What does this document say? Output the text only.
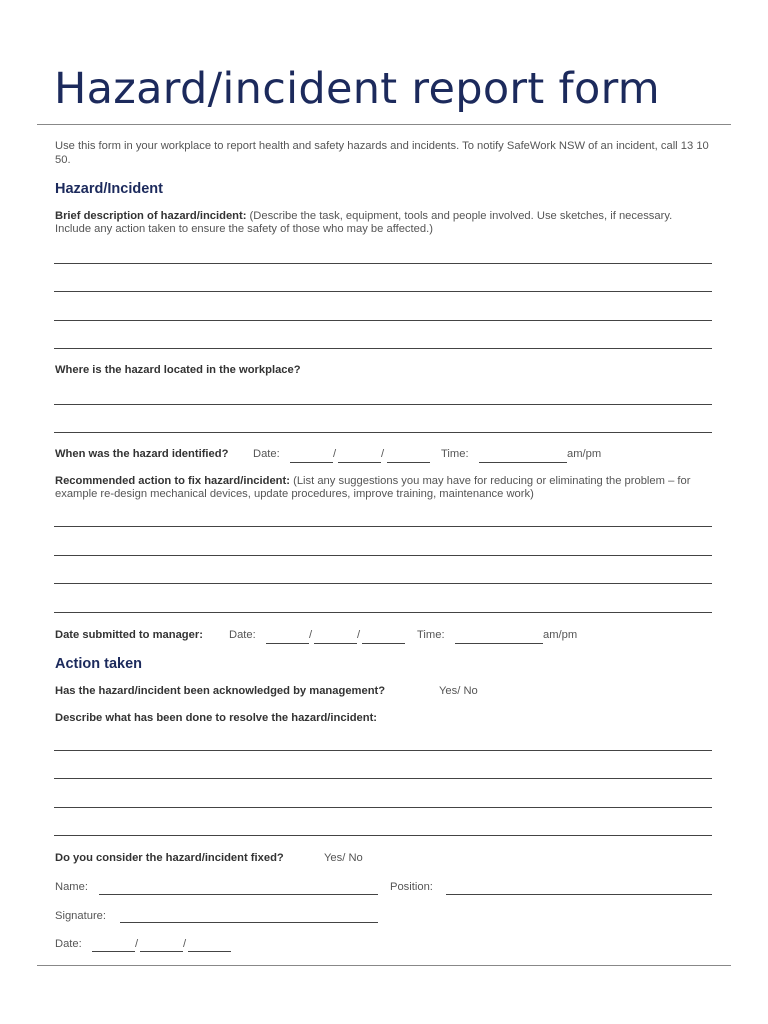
Hazard/incident report form
Use this form in your workplace to report health and safety hazards and incidents. To notify SafeWork NSW of an incident, call 13 10 50.
Hazard/Incident
Brief description of hazard/incident: (Describe the task, equipment, tools and people involved. Use sketches, if necessary. Include any action taken to ensure the safety of those who may be affected.)
Where is the hazard located in the workplace?
When was the hazard identified? Date:	/	/	Time:	am/pm
Recommended action to fix hazard/incident: (List any suggestions you may have for reducing or eliminating the problem – for example re-design mechanical devices, update procedures, improve training, maintenance work)
Date submitted to manager: Date:	/	/	Time:	am/pm
Action taken
Has the hazard/incident been acknowledged by management?	Yes/ No
Describe what has been done to resolve the hazard/incident:
Do you consider the hazard/incident fixed?	Yes/ No
Name:	Position:
Signature:
Date:	/	/
